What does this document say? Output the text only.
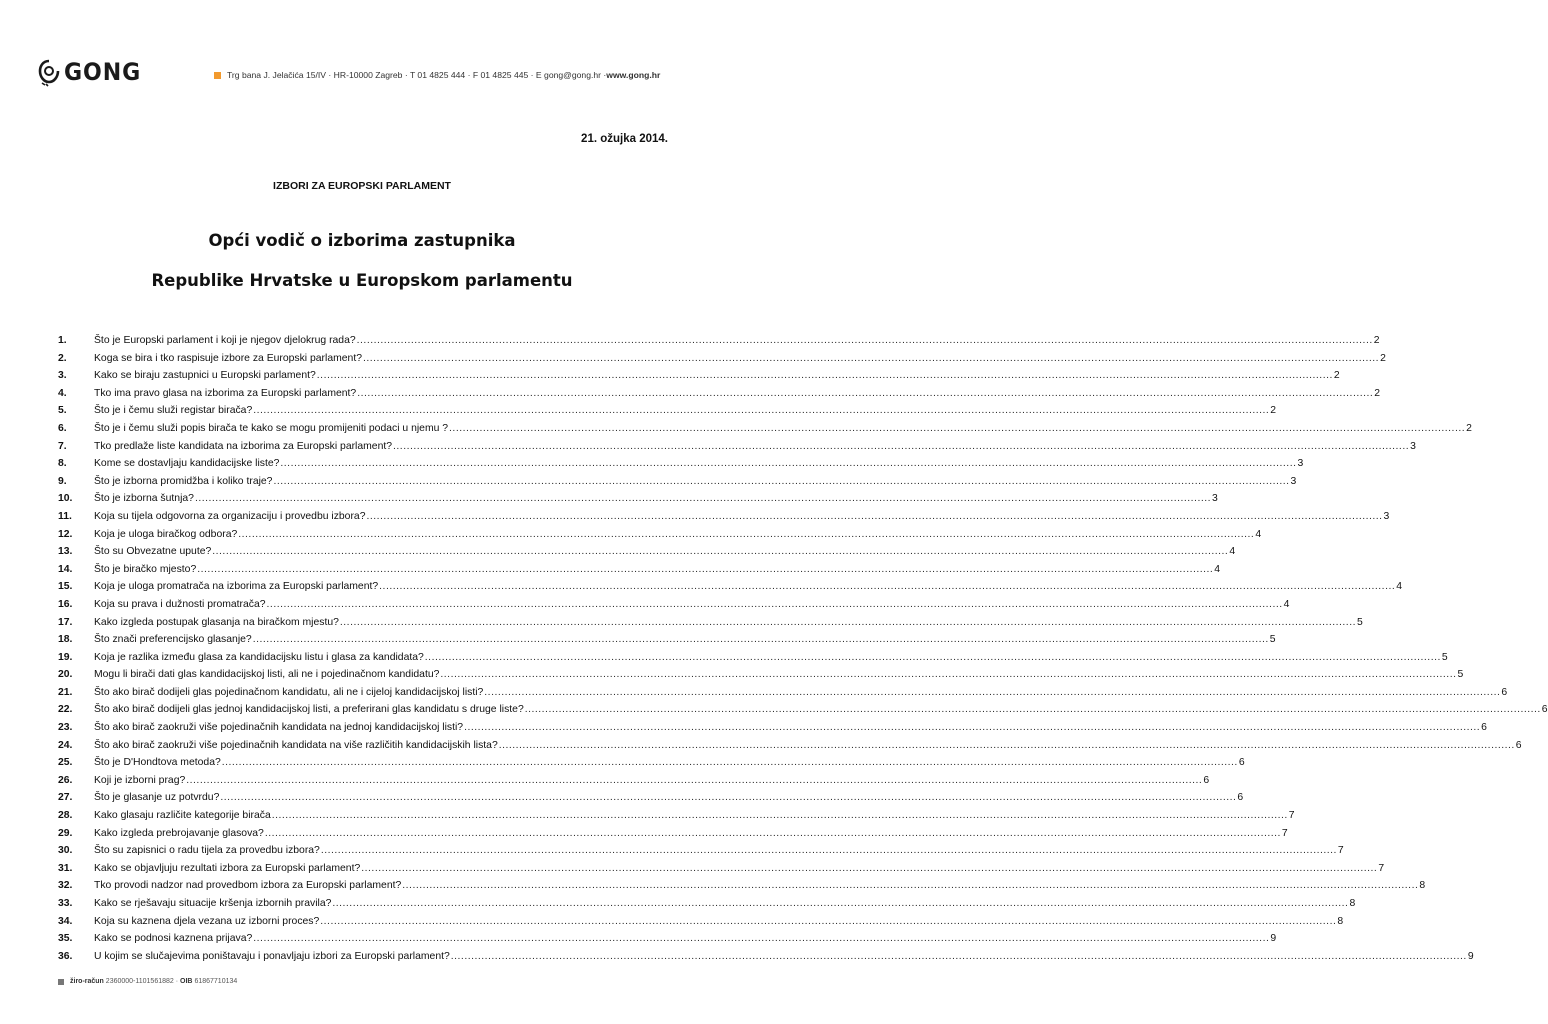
GONG	Trg bana J. Jelačića 15/IV · HR-10000 Zagreb · T 01 4825 444 · F 01 4825 445 · E gong@gong.hr · www.gong.hr
21. ožujka 2014.
IZBORI ZA EUROPSKI PARLAMENT
Opći vodič o izborima zastupnika
Republike Hrvatske u Europskom parlamentu
1.	Što je Europski parlament i koji je njegov djelokrug rada? ............................................................................................................................................................................................................................................................................................................ 2
2.	Koga se bira i tko raspisuje izbore za Europski parlament? ............................................................................................................................................................................................................................................................................................................ 2
3.	Kako se biraju zastupnici u Europski parlament? ............................................................................................................................................................................................................................................................................................................ 2
4.	Tko ima pravo glasa na izborima za Europski parlament? ............................................................................................................................................................................................................................................................................................................ 2
5.	Što je i čemu služi registar birača? ............................................................................................................................................................................................................................................................................................................ 2
6.	Što je i čemu služi popis birača te kako se mogu promijeniti podaci u njemu ? ............................................................................................................................................................................................................................................................................................................ 2
7.	Tko predlaže liste kandidata na izborima za Europski parlament? ............................................................................................................................................................................................................................................................................................................ 3
8.	Kome se dostavljaju kandidacijske liste? ............................................................................................................................................................................................................................................................................................................ 3
9.	Što je izborna promidžba i koliko traje? ............................................................................................................................................................................................................................................................................................................ 3
10.	Što je izborna šutnja? ............................................................................................................................................................................................................................................................................................................ 3
11.	Koja su tijela odgovorna za organizaciju i provedbu izbora? ............................................................................................................................................................................................................................................................................................................ 3
12.	Koja je uloga biračkog odbora? ............................................................................................................................................................................................................................................................................................................ 4
13.	Što su Obvezatne upute? ............................................................................................................................................................................................................................................................................................................ 4
14.	Što je biračko mjesto? ............................................................................................................................................................................................................................................................................................................ 4
15.	Koja je uloga promatrača na izborima za Europski parlament? ............................................................................................................................................................................................................................................................................................................ 4
16.	Koja su prava i dužnosti promatrača? ............................................................................................................................................................................................................................................................................................................ 4
17.	Kako izgleda postupak glasanja na biračkom mjestu? ............................................................................................................................................................................................................................................................................................................ 5
18.	Što znači preferencijsko glasanje? ............................................................................................................................................................................................................................................................................................................ 5
19.	Koja je razlika između glasa za kandidacijsku listu i glasa za kandidata? ............................................................................................................................................................................................................................................................................................................ 5
20.	Mogu li birači dati glas kandidacijskoj listi, ali ne i pojedinačnom kandidatu? ............................................................................................................................................................................................................................................................................................................ 5
21.	Što ako birač dodijeli glas pojedinačnom kandidatu, ali ne i cijeloj kandidacijskoj listi? ............................................................................................................................................................................................................................................................................................................ 6
22.	Što ako birač dodijeli glas jednoj kandidacijskoj listi, a preferirani glas kandidatu s druge liste? ............................................................................................................................................................................................................................................................................................................ 6
23.	Što ako birač zaokruži više pojedinačnih kandidata na jednoj kandidacijskoj listi? ............................................................................................................................................................................................................................................................................................................ 6
24.	Što ako birač zaokruži više pojedinačnih kandidata na više različitih kandidacijskih lista? ............................................................................................................................................................................................................................................................................................................ 6
25.	Što je D'Hondtova metoda? ............................................................................................................................................................................................................................................................................................................ 6
26.	Koji je izborni prag? ............................................................................................................................................................................................................................................................................................................ 6
27.	Što je glasanje uz potvrdu? ............................................................................................................................................................................................................................................................................................................ 6
28.	Kako glasaju različite kategorije birača ............................................................................................................................................................................................................................................................................................................ 7
29.	Kako izgleda prebrojavanje glasova? ............................................................................................................................................................................................................................................................................................................ 7
30.	Što su zapisnici o radu tijela za provedbu izbora? ............................................................................................................................................................................................................................................................................................................ 7
31.	Kako se objavljuju rezultati izbora za Europski parlament? ............................................................................................................................................................................................................................................................................................................ 7
32.	Tko provodi nadzor nad provedbom izbora za Europski parlament? ............................................................................................................................................................................................................................................................................................................ 8
33.	Kako se rješavaju situacije kršenja izbornih pravila? ............................................................................................................................................................................................................................................................................................................ 8
34.	Koja su kaznena djela vezana uz izborni proces? ............................................................................................................................................................................................................................................................................................................ 8
35.	Kako se podnosi kaznena prijava? ............................................................................................................................................................................................................................................................................................................ 9
36.	U kojim se slučajevima poništavaju i ponavljaju izbori za Europski parlament? ............................................................................................................................................................................................................................................................................................................ 9
žiro-račun
2360000-1101561882 · OIB
61867710134
